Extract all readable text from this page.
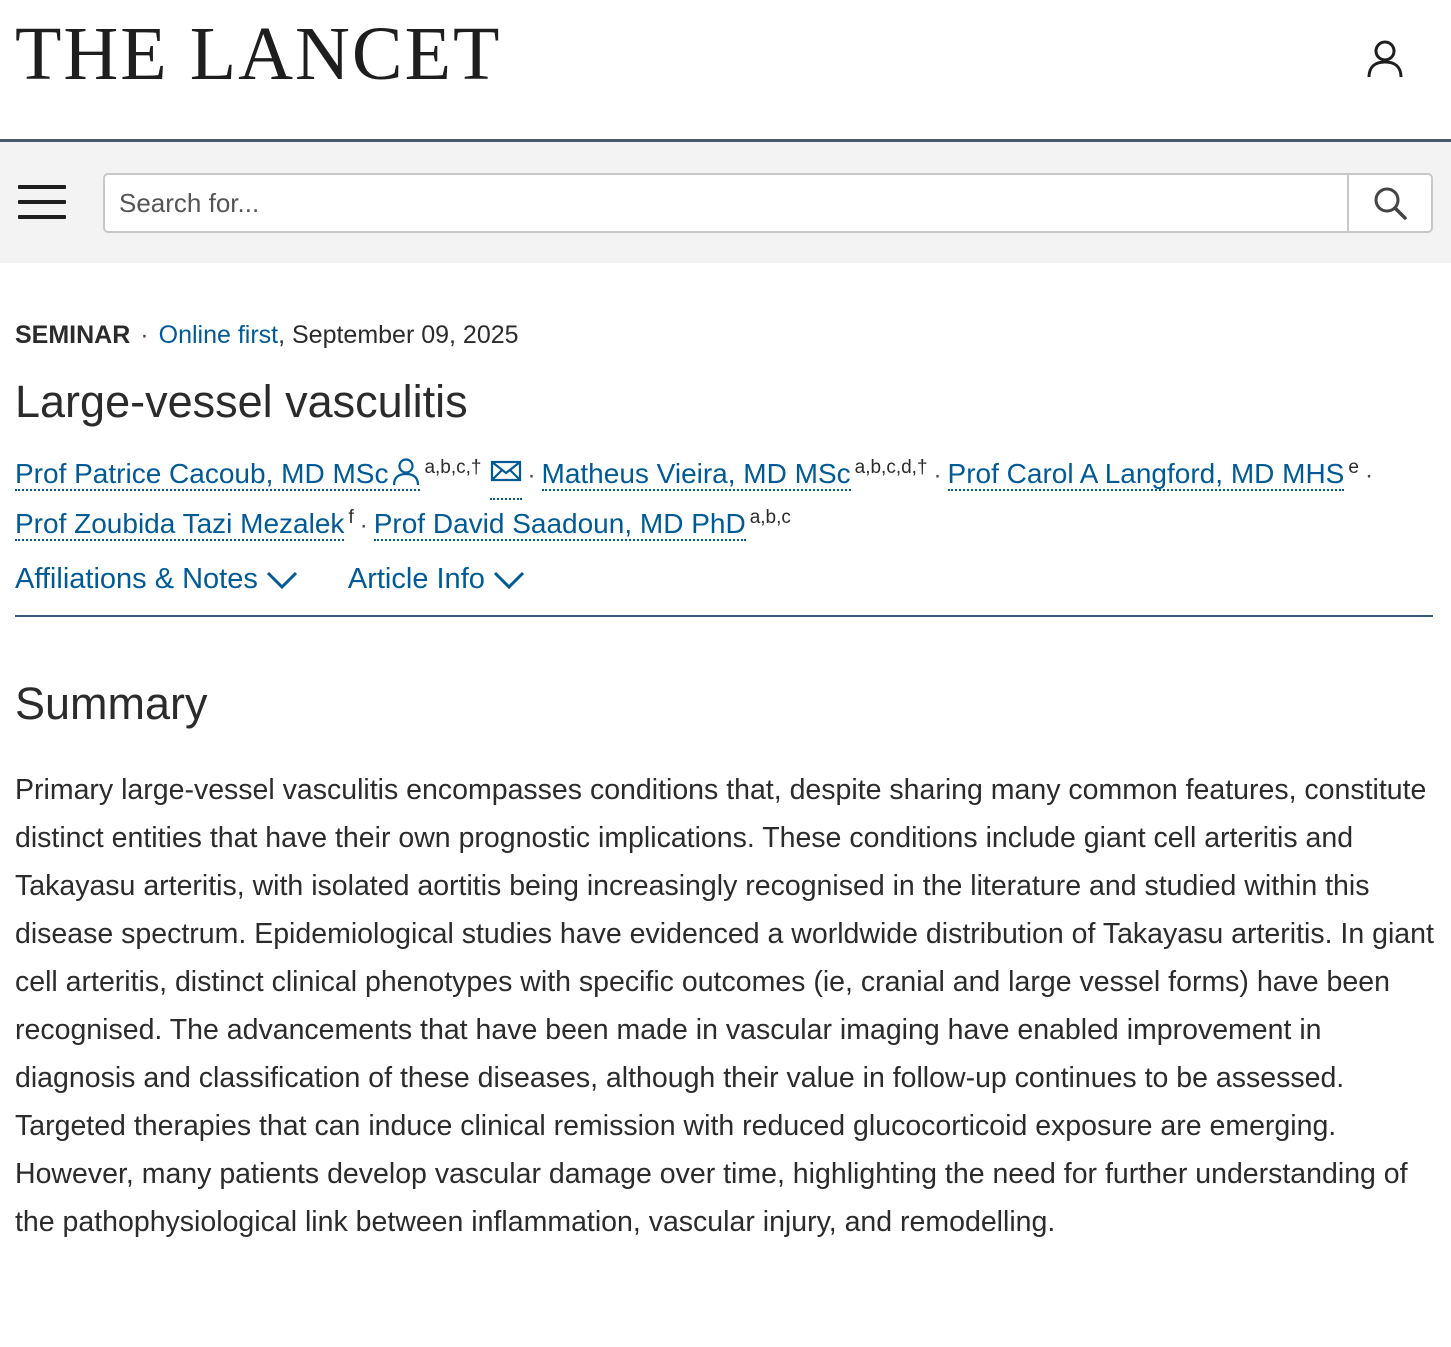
THE LANCET
Search for...
SEMINAR · Online first, September 09, 2025
Large-vessel vasculitis
Prof Patrice Cacoub, MD MSc $^{a,b,c,\dagger}$ · Matheus Vieira, MD MSc $^{a,b,c,d,\dagger}$ · Prof Carol A Langford, MD MHS $^e$ ·
Prof Zoubida Tazi Mezalek $^f$ · Prof David Saadoun, MD PhD $^{a,b,c}$
Affiliations & Notes	Article Info
Summary

Primary large-vessel vasculitis encompasses conditions that, despite sharing many common features, constitute distinct entities that have their own prognostic implications. These conditions include giant cell arteritis and Takayasu arteritis, with isolated aortitis being increasingly recognised in the literature and studied within this disease spectrum. Epidemiological studies have evidenced a worldwide distribution of Takayasu arteritis. In giant cell arteritis, distinct clinical phenotypes with specific outcomes (ie, cranial and large vessel forms) have been recognised. The advancements that have been made in vascular imaging have enabled improvement in diagnosis and classification of these diseases, although their value in follow-up continues to be assessed. Targeted therapies that can induce clinical remission with reduced glucocorticoid exposure are emerging. However, many patients develop vascular damage over time, highlighting the need for further understanding of the pathophysiological link between inflammation, vascular injury, and remodelling.
